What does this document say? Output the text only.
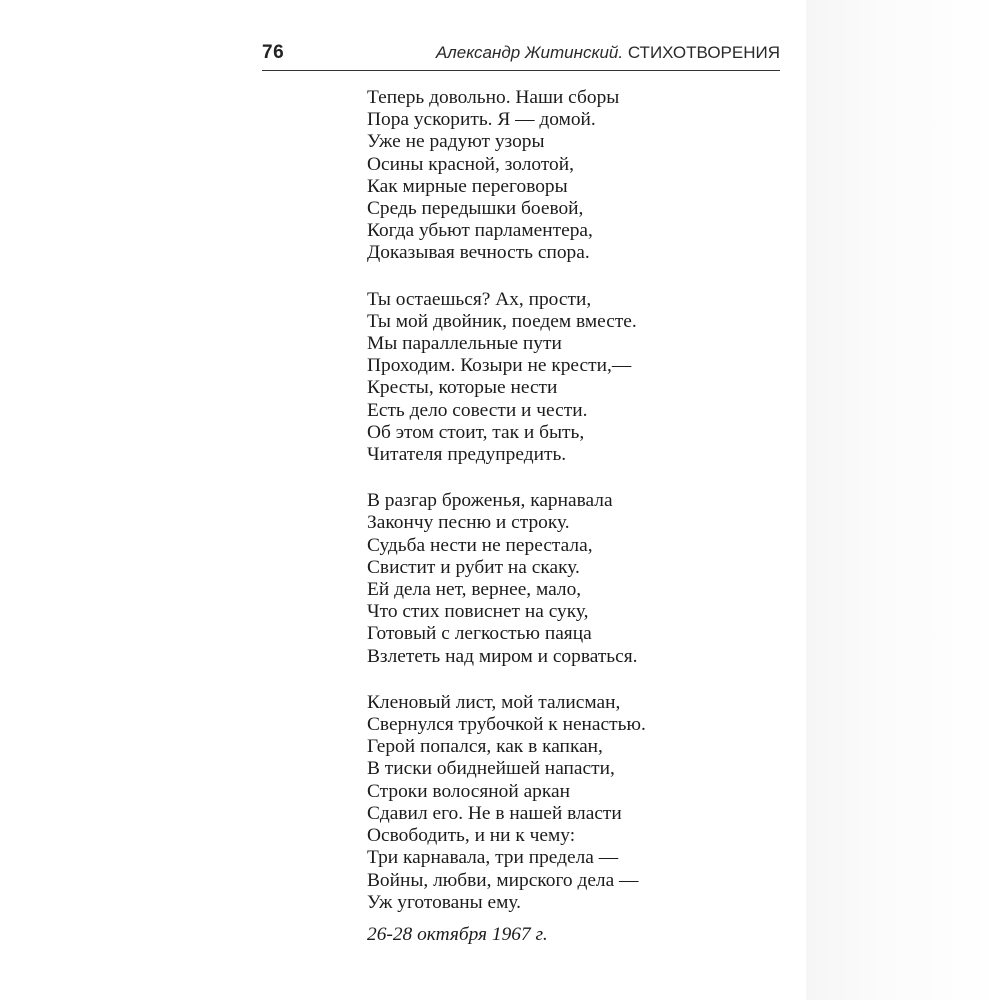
76	Александр Житинский. СТИХОТВОРЕНИЯ
Теперь довольно. Наши сборы
Пора ускорить. Я — домой.
Уже не радуют узоры
Осины красной, золотой,
Как мирные переговоры
Средь передышки боевой,
Когда убьют парламентера,
Доказывая вечность спора.
Ты остаешься? Ах, прости,
Ты мой двойник, поедем вместе.
Мы параллельные пути
Проходим. Козыри не крести,—
Кресты, которые нести
Есть дело совести и чести.
Об этом стоит, так и быть,
Читателя предупредить.
В разгар броженья, карнавала
Закончу песню и строку.
Судьба нести не перестала,
Свистит и рубит на скаку.
Ей дела нет, вернее, мало,
Что стих повиснет на суку,
Готовый с легкостью паяца
Взлететь над миром и сорваться.
Кленовый лист, мой талисман,
Свернулся трубочкой к ненастью.
Герой попался, как в капкан,
В тиски обиднейшей напасти,
Строки волосяной аркан
Сдавил его. Не в нашей власти
Освободить, и ни к чему:
Три карнавала, три предела —
Войны, любви, мирского дела —
Уж уготованы ему.
26-28 октября 1967 г.
